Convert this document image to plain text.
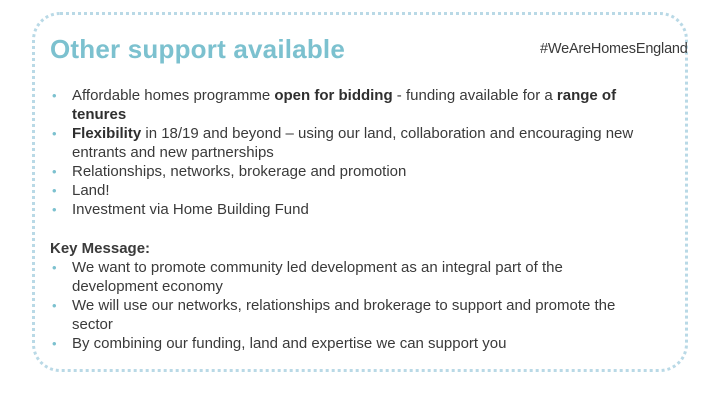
Other support available	#WeAreHomesEngland
• Affordable homes programme open for bidding - funding available for a range of tenures
• Flexibility in 18/19 and beyond – using our land, collaboration and encouraging new entrants and new partnerships
• Relationships, networks, brokerage and promotion
• Land!
• Investment via Home Building Fund

Key Message:

• We want to promote community led development as an integral part of the development economy
• We will use our networks, relationships and brokerage to support and promote the sector
• By combining our funding, land and expertise we can support you
